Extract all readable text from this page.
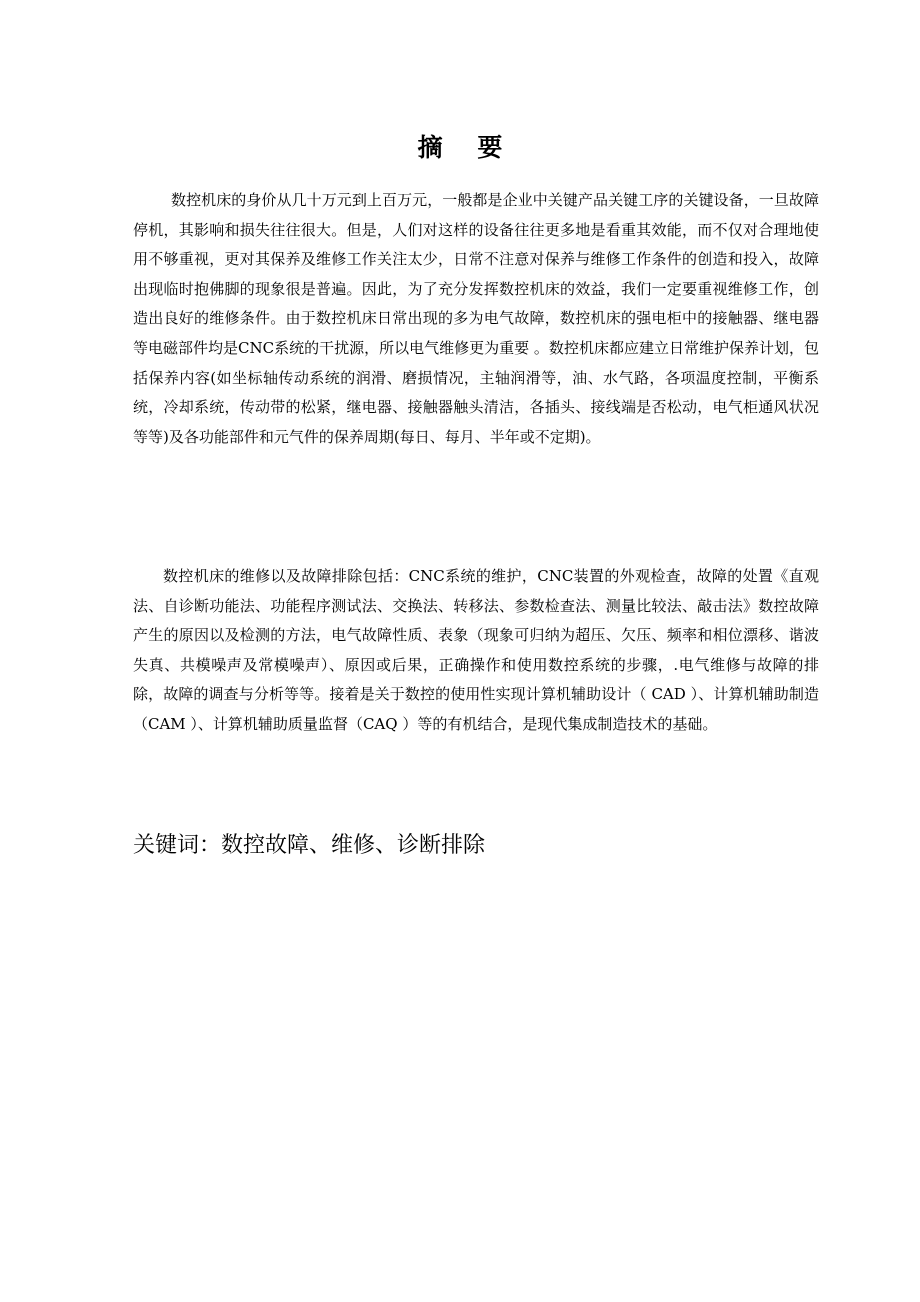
摘    要

数控机床的身价从几十万元到上百万元，一般都是企业中关键产品关键工序的关键设备，一旦故障停机，其影响和损失往往很大。但是，人们对这样的设备往往更多地是看重其效能，而不仅对合理地使用不够重视，更对其保养及维修工作关注太少，日常不注意对保养与维修工作条件的创造和投入，故障出现临时抱佛脚的现象很是普遍。因此，为了充分发挥数控机床的效益，我们一定要重视维修工作，创造出良好的维修条件。由于数控机床日常出现的多为电气故障，数控机床的强电柜中的接触器、继电器等电磁部件均是CNC系统的干扰源，所以电气维修更为重要 。数控机床都应建立日常维护保养计划，包括保养内容(如坐标轴传动系统的润滑、磨损情况，主轴润滑等，油、水气路，各项温度控制，平衡系统，冷却系统，传动带的松紧，继电器、接触器触头清洁，各插头、接线端是否松动，电气柜通风状况等等)及各功能部件和元气件的保养周期(每日、每月、半年或不定期)。

数控机床的维修以及故障排除包括：CNC系统的维护，CNC装置的外观检查，故障的处置《直观法、自诊断功能法、功能程序测试法、交换法、转移法、参数检查法、测量比较法、敲击法》数控故障产生的原因以及检测的方法，电气故障性质、表象（现象可归纳为超压、欠压、频率和相位漂移、谐波失真、共模噪声及常模噪声）、原因或后果，正确操作和使用数控系统的步骤，.电气维修与故障的排除，故障的调查与分析等等。接着是关于数控的使用性实现计算机辅助设计（ CAD ）、计算机辅助制造（CAM ）、计算机辅助质量监督（CAQ ）等的有机结合，是现代集成制造技术的基础。

关键词：数控故障、维修、诊断排除
